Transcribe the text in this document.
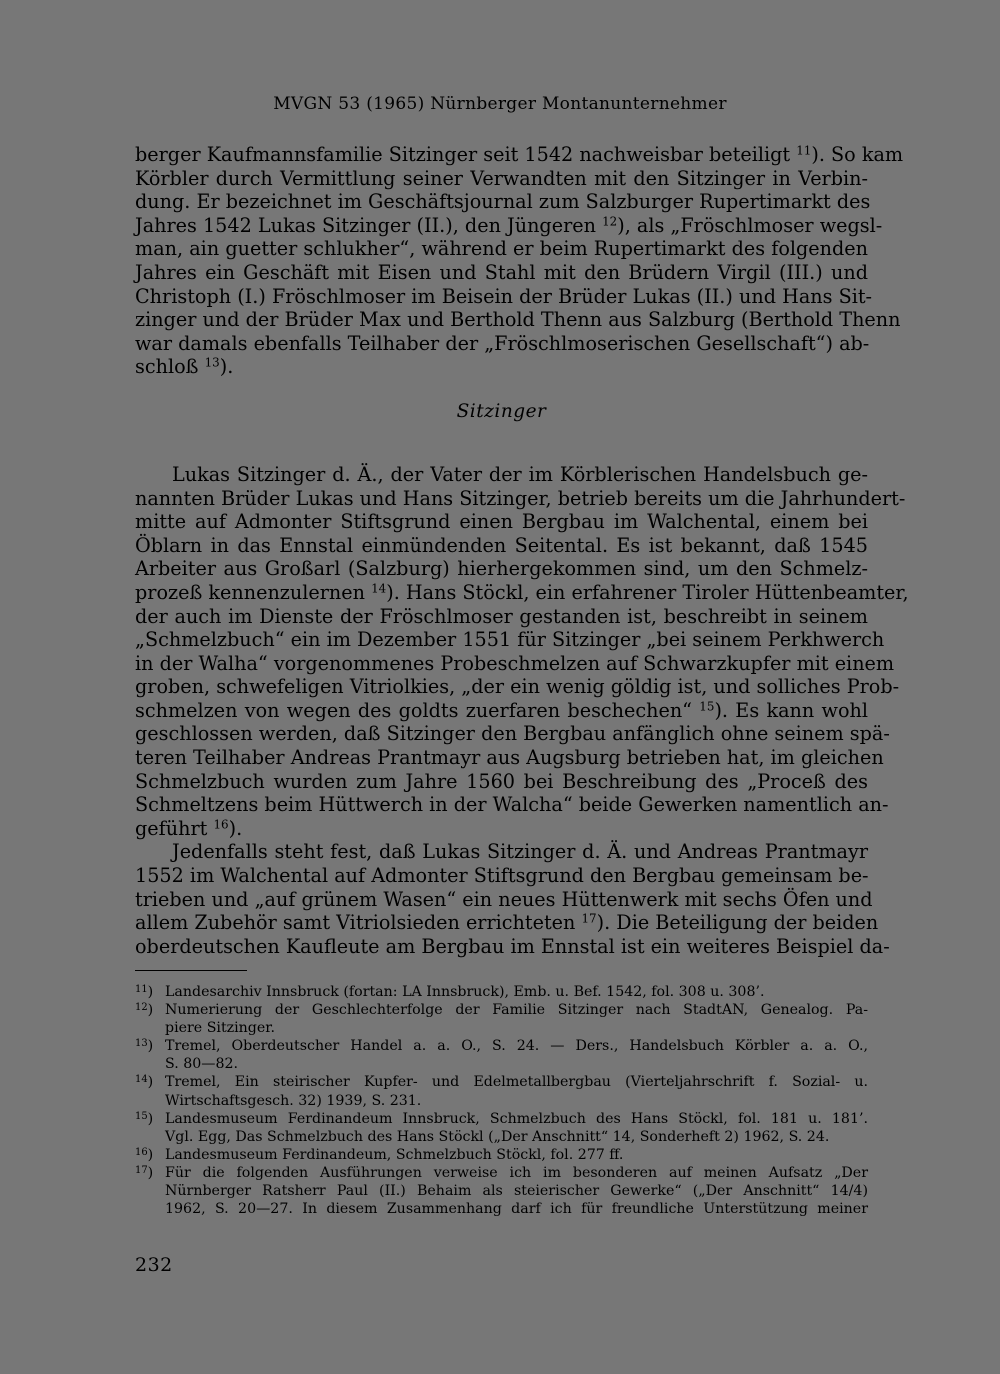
MVGN 53 (1965) Nürnberger Montanunternehmer
berger Kaufmannsfamilie Sitzinger seit 1542 nachweisbar beteiligt $^{11}$). So kam
Körbler durch Vermittlung seiner Verwandten mit den Sitzinger in Verbin-
dung. Er bezeichnet im Geschäftsjournal zum Salzburger Rupertimarkt des
Jahres 1542 Lukas Sitzinger (II.), den Jüngeren $^{12}$), als „Fröschlmoser wegsl-
man, ain guetter schlukher“, während er beim Rupertimarkt des folgenden
Jahres ein Geschäft mit Eisen und Stahl mit den Brüdern Virgil (III.) und
Christoph (I.) Fröschlmoser im Beisein der Brüder Lukas (II.) und Hans Sit-
zinger und der Brüder Max und Berthold Thenn aus Salzburg (Berthold Thenn
war damals ebenfalls Teilhaber der „Fröschlmoserischen Gesellschaft“) ab-
schloß $^{13}$).
Sitzinger
Lukas Sitzinger d. Ä., der Vater der im Körblerischen Handelsbuch ge-
nannten Brüder Lukas und Hans Sitzinger, betrieb bereits um die Jahrhundert-
mitte auf Admonter Stiftsgrund einen Bergbau im Walchental, einem bei
Öblarn in das Ennstal einmündenden Seitental. Es ist bekannt, daß 1545
Arbeiter aus Großarl (Salzburg) hierhergekommen sind, um den Schmelz-
prozeß kennenzulernen $^{14}$). Hans Stöckl, ein erfahrener Tiroler Hüttenbeamter,
der auch im Dienste der Fröschlmoser gestanden ist, beschreibt in seinem
„Schmelzbuch“ ein im Dezember 1551 für Sitzinger „bei seinem Perkhwerch
in der Walha“ vorgenommenes Probeschmelzen auf Schwarzkupfer mit einem
groben, schwefeligen Vitriolkies, „der ein wenig göldig ist, und solliches Prob-
schmelzen von wegen des goldts zuerfaren beschechen“ $^{15}$). Es kann wohl
geschlossen werden, daß Sitzinger den Bergbau anfänglich ohne seinem spä-
teren Teilhaber Andreas Prantmayr aus Augsburg betrieben hat, im gleichen
Schmelzbuch wurden zum Jahre 1560 bei Beschreibung des „Proceß des
Schmeltzens beim Hüttwerch in der Walcha“ beide Gewerken namentlich an-
geführt $^{16}$).
Jedenfalls steht fest, daß Lukas Sitzinger d. Ä. und Andreas Prantmayr
1552 im Walchental auf Admonter Stiftsgrund den Bergbau gemeinsam be-
trieben und „auf grünem Wasen“ ein neues Hüttenwerk mit sechs Öfen und
allem Zubehör samt Vitriolsieden errichteten $^{17}$). Die Beteiligung der beiden
oberdeutschen Kaufleute am Bergbau im Ennstal ist ein weiteres Beispiel da-
$^{11}$) Landesarchiv Innsbruck (fortan: LA Innsbruck), Emb. u. Bef. 1542, fol. 308 u. 308’.
$^{12}$) Numerierung der Geschlechterfolge der Familie Sitzinger nach StadtAN, Genealog. Pa-
piere Sitzinger.
$^{13}$) Tremel, Oberdeutscher Handel a. a. O., S. 24. — Ders., Handelsbuch Körbler a. a. O.,
S. 80—82.
$^{14}$) Tremel, Ein steirischer Kupfer- und Edelmetallbergbau (Vierteljahrschrift f. Sozial- u.
Wirtschaftsgesch. 32) 1939, S. 231.
$^{15}$) Landesmuseum Ferdinandeum Innsbruck, Schmelzbuch des Hans Stöckl, fol. 181 u. 181’.
Vgl. Egg, Das Schmelzbuch des Hans Stöckl („Der Anschnitt“ 14, Sonderheft 2) 1962, S. 24.
$^{16}$) Landesmuseum Ferdinandeum, Schmelzbuch Stöckl, fol. 277 ff.
$^{17}$) Für die folgenden Ausführungen verweise ich im besonderen auf meinen Aufsatz „Der
Nürnberger Ratsherr Paul (II.) Behaim als steierischer Gewerke“ („Der Anschnitt“ 14/4)
1962, S. 20—27. In diesem Zusammenhang darf ich für freundliche Unterstützung meiner
232
